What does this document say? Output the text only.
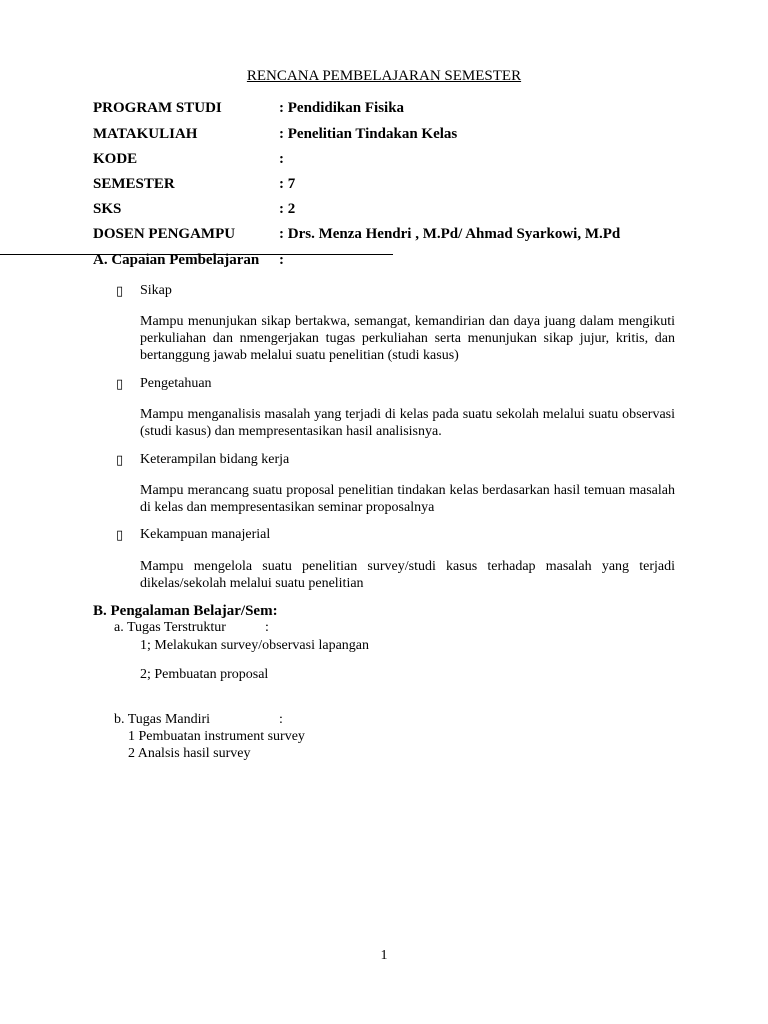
RENCANA PEMBELAJARAN SEMESTER
PROGRAM STUDI	: Pendidikan Fisika
MATAKULIAH	: Penelitian Tindakan Kelas
KODE	:
SEMESTER	: 7
SKS	: 2
DOSEN PENGAMPU	: Drs. Menza Hendri , M.Pd/ Ahmad Syarkowi, M.Pd
A. Capaian Pembelajaran :
▯ Sikap
Mampu menunjukan sikap bertakwa, semangat, kemandirian dan daya juang dalam mengikuti perkuliahan dan nmengerjakan tugas perkuliahan serta menunjukan sikap jujur, kritis, dan bertanggung jawab melalui suatu penelitian (studi kasus)
▯ Pengetahuan
Mampu menganalisis masalah yang terjadi di kelas pada suatu sekolah melalui suatu observasi (studi kasus) dan mempresentasikan hasil analisisnya.
▯ Keterampilan bidang kerja
Mampu merancang suatu proposal penelitian tindakan kelas berdasarkan hasil temuan masalah di kelas dan mempresentasikan seminar proposalnya
▯ Kekampuan manajerial
Mampu mengelola suatu penelitian survey/studi kasus terhadap masalah yang terjadi dikelas/sekolah melalui suatu penelitian
B. Pengalaman Belajar/Sem:
a. Tugas Terstruktur	:
1; Melakukan survey/observasi lapangan
2; Pembuatan proposal
b. Tugas Mandiri	:
1 Pembuatan instrument survey
2 Analsis hasil survey
1
